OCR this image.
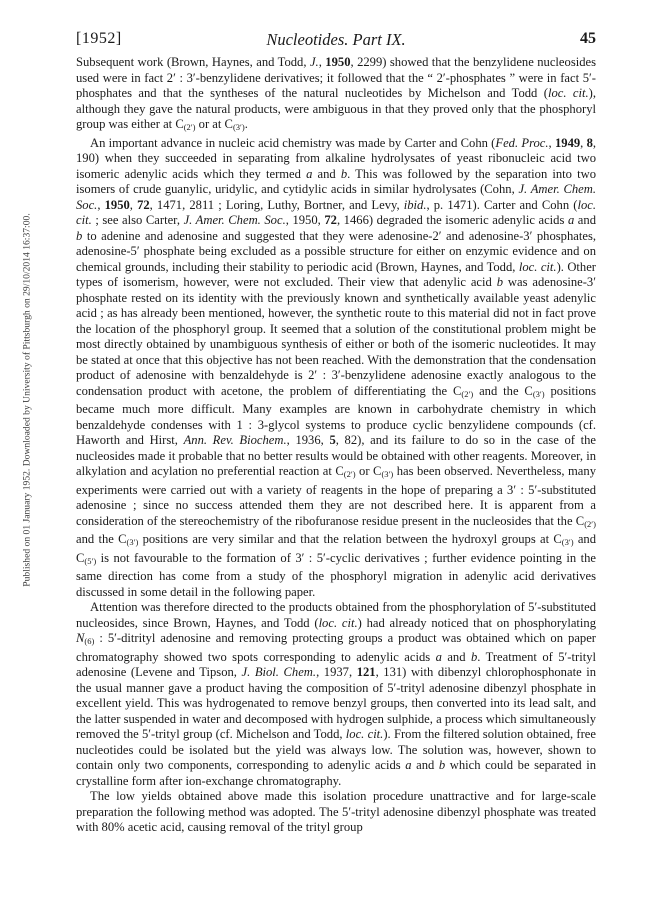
[1952]	Nucleotides. Part IX.	45
Published on 01 January 1952. Downloaded by University of Pittsburgh on 29/10/2014 16:37:00.

Subsequent work (Brown, Haynes, and Todd, J., 1950, 2299) showed that the benzylidene nucleosides used were in fact 2′ : 3′-benzylidene derivatives; it followed that the “ 2′-phosphates ” were in fact 5′-phosphates and that the syntheses of the natural nucleotides by Michelson and Todd (loc. cit.), although they gave the natural products, were ambiguous in that they proved only that the phosphoryl group was either at $C_{(2')}$ or at $C_{(3')}$.

An important advance in nucleic acid chemistry was made by Carter and Cohn (Fed. Proc., 1949, 8, 190) when they succeeded in separating from alkaline hydrolysates of yeast ribonucleic acid two isomeric adenylic acids which they termed a and b. This was followed by the separation into two isomers of crude guanylic, uridylic, and cytidylic acids in similar hydrolysates (Cohn, J. Amer. Chem. Soc., 1950, 72, 1471, 2811 ; Loring, Luthy, Bortner, and Levy, ibid., p. 1471). Carter and Cohn (loc. cit. ; see also Carter, J. Amer. Chem. Soc., 1950, 72, 1466) degraded the isomeric adenylic acids a and b to adenine and adenosine and suggested that they were adenosine-2′ and adenosine-3′ phosphates, adenosine-5′ phosphate being excluded as a possible structure for either on enzymic evidence and on chemical grounds, including their stability to periodic acid (Brown, Haynes, and Todd, loc. cit.). Other types of isomerism, however, were not excluded. Their view that adenylic acid b was adenosine-3′ phosphate rested on its identity with the previously known and synthetically available yeast adenylic acid ; as has already been mentioned, however, the synthetic route to this material did not in fact prove the location of the phosphoryl group. It seemed that a solution of the constitutional problem might be most directly obtained by unambiguous synthesis of either or both of the isomeric nucleotides. It may be stated at once that this objective has not been reached. With the demonstration that the condensation product of adenosine with benzaldehyde is 2′ : 3′-benzylidene adenosine exactly analogous to the condensation product with acetone, the problem of differentiating the $C_{(2')}$ and the $C_{(3')}$ positions became much more difficult. Many examples are known in carbohydrate chemistry in which benzaldehyde condenses with 1 : 3-glycol systems to produce cyclic benzylidene compounds (cf. Haworth and Hirst, Ann. Rev. Biochem., 1936, 5, 82), and its failure to do so in the case of the nucleosides made it probable that no better results would be obtained with other reagents. Moreover, in alkylation and acylation no preferential reaction at $C_{(2')}$ or $C_{(3')}$ has been observed. Nevertheless, many experiments were carried out with a variety of reagents in the hope of preparing a 3′ : 5′-substituted adenosine ; since no success attended them they are not described here. It is apparent from a consideration of the stereochemistry of the ribofuranose residue present in the nucleosides that the $C_{(2')}$ and the $C_{(3')}$ positions are very similar and that the relation between the hydroxyl groups at $C_{(3')}$ and $C_{(5')}$ is not favourable to the formation of 3′ : 5′-cyclic derivatives ; further evidence pointing in the same direction has come from a study of the phosphoryl migration in adenylic acid derivatives discussed in some detail in the following paper.

Attention was therefore directed to the products obtained from the phosphorylation of 5′-substituted nucleosides, since Brown, Haynes, and Todd (loc. cit.) had already noticed that on phosphorylating $N_{(6)}$ : 5′-ditrityl adenosine and removing protecting groups a product was obtained which on paper chromatography showed two spots corresponding to adenylic acids a and b. Treatment of 5′-trityl adenosine (Levene and Tipson, J. Biol. Chem., 1937, 121, 131) with dibenzyl chlorophosphonate in the usual manner gave a product having the composition of 5′-trityl adenosine dibenzyl phosphate in excellent yield. This was hydrogenated to remove benzyl groups, then converted into its lead salt, and the latter suspended in water and decomposed with hydrogen sulphide, a process which simultaneously removed the 5′-trityl group (cf. Michelson and Todd, loc. cit.). From the filtered solution obtained, free nucleotides could be isolated but the yield was always low. The solution was, however, shown to contain only two components, corresponding to adenylic acids a and b which could be separated in crystalline form after ion-exchange chromatography.

The low yields obtained above made this isolation procedure unattractive and for large-scale preparation the following method was adopted. The 5′-trityl adenosine dibenzyl phosphate was treated with 80% acetic acid, causing removal of the trityl group
